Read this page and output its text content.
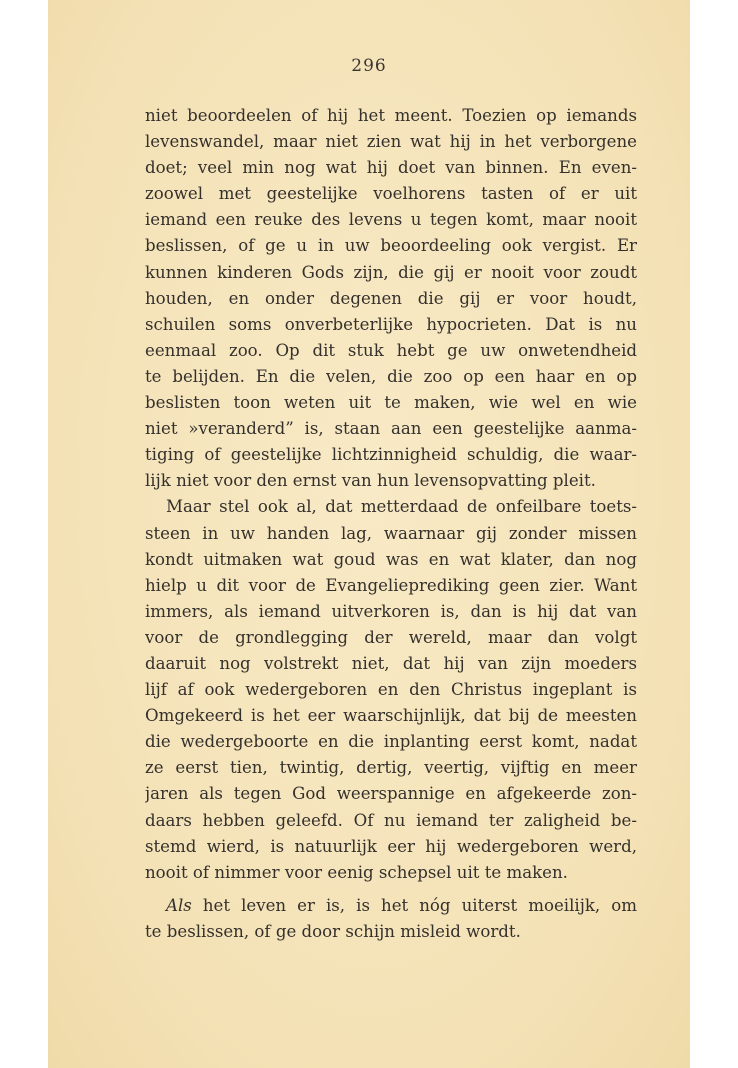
296
niet beoordeelen of hij het meent. Toezien op iemands
levenswandel, maar niet zien wat hij in het verborgene
doet; veel min nog wat hij doet van binnen. En even-
zoowel met geestelijke voelhorens tasten of er uit
iemand een reuke des levens u tegen komt, maar nooit
beslissen, of ge u in uw beoordeeling ook vergist. Er
kunnen kinderen Gods zijn, die gij er nooit voor zoudt
houden, en onder degenen die gij er voor houdt,
schuilen soms onverbeterlijke hypocrieten. Dat is nu
eenmaal zoo. Op dit stuk hebt ge uw onwetendheid
te belijden. En die velen, die zoo op een haar en op
beslisten toon weten uit te maken, wie wel en wie
niet »veranderd” is, staan aan een geestelijke aanma-
tiging of geestelijke lichtzinnigheid schuldig, die waar-
lijk niet voor den ernst van hun levensopvatting pleit.
Maar stel ook al, dat metterdaad de onfeilbare toets-
steen in uw handen lag, waarnaar gij zonder missen
kondt uitmaken wat goud was en wat klater, dan nog
hielp u dit voor de Evangelieprediking geen zier. Want
immers, als iemand uitverkoren is, dan is hij dat van
voor de grondlegging der wereld, maar dan volgt
daaruit nog volstrekt niet, dat hij van zijn moeders
lijf af ook wedergeboren en den Christus ingeplant is
Omgekeerd is het eer waarschijnlijk, dat bij de meesten
die wedergeboorte en die inplanting eerst komt, nadat
ze eerst tien, twintig, dertig, veertig, vijftig en meer
jaren als tegen God weerspannige en afgekeerde zon-
daars hebben geleefd. Of nu iemand ter zaligheid be-
stemd wierd, is natuurlijk eer hij wedergeboren werd,
nooit of nimmer voor eenig schepsel uit te maken.
Als het leven er is, is het nóg uiterst moeilijk, om
te beslissen, of ge door schijn misleid wordt.
